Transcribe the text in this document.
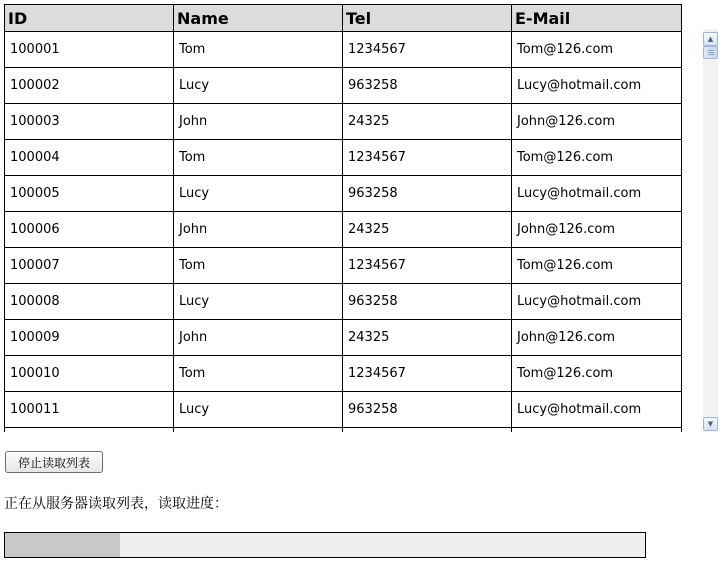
ID	Name	Tel	E-Mail
100001	Tom	1234567	Tom@126.com
100002	Lucy	963258	Lucy@hotmail.com
100003	John	24325	John@126.com
100004	Tom	1234567	Tom@126.com
100005	Lucy	963258	Lucy@hotmail.com
100006	John	24325	John@126.com
100007	Tom	1234567	Tom@126.com
100008	Lucy	963258	Lucy@hotmail.com
100009	John	24325	John@126.com
100010	Tom	1234567	Tom@126.com
100011	Lucy	963258	Lucy@hotmail.com

▲
▼
停止读取列表
正在从服务器读取列表，读取进度：
